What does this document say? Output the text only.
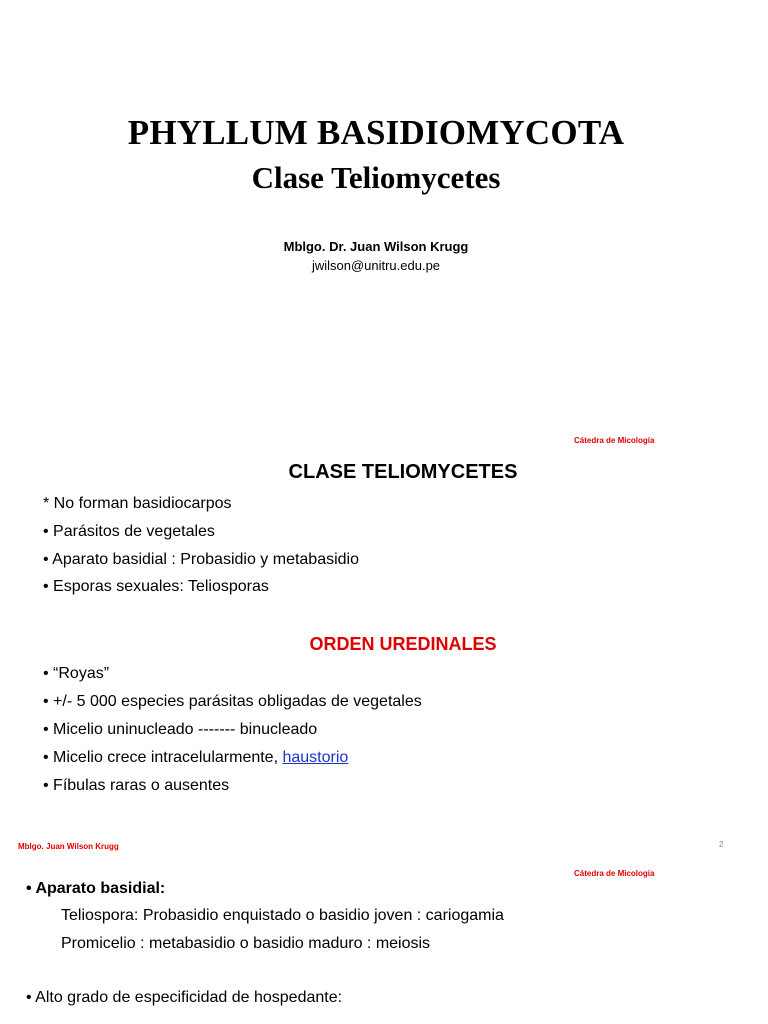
PHYLLUM BASIDIOMYCOTA
Clase Teliomycetes
Mblgo. Dr. Juan Wilson Krugg
jwilson@unitru.edu.pe
Cátedra de Micología
CLASE TELIOMYCETES
* No forman basidiocarpos
• Parásitos de vegetales
• Aparato basidial : Probasidio y metabasidio
• Esporas sexuales: Teliosporas
ORDEN UREDINALES
• “Royas”
• +/- 5 000 especies parásitas obligadas de vegetales
• Micelio uninucleado ------- binucleado
• Micelio crece intracelularmente, haustorio
• Fíbulas raras o ausentes
Mblgo. Juan Wilson Krugg	2
Cátedra de Micología
• Aparato basidial:
Teliospora: Probasidio enquistado o basidio joven : cariogamia
Promicelio : metabasidio o basidio maduro : meiosis
• Alto grado de especificidad de hospedante:
